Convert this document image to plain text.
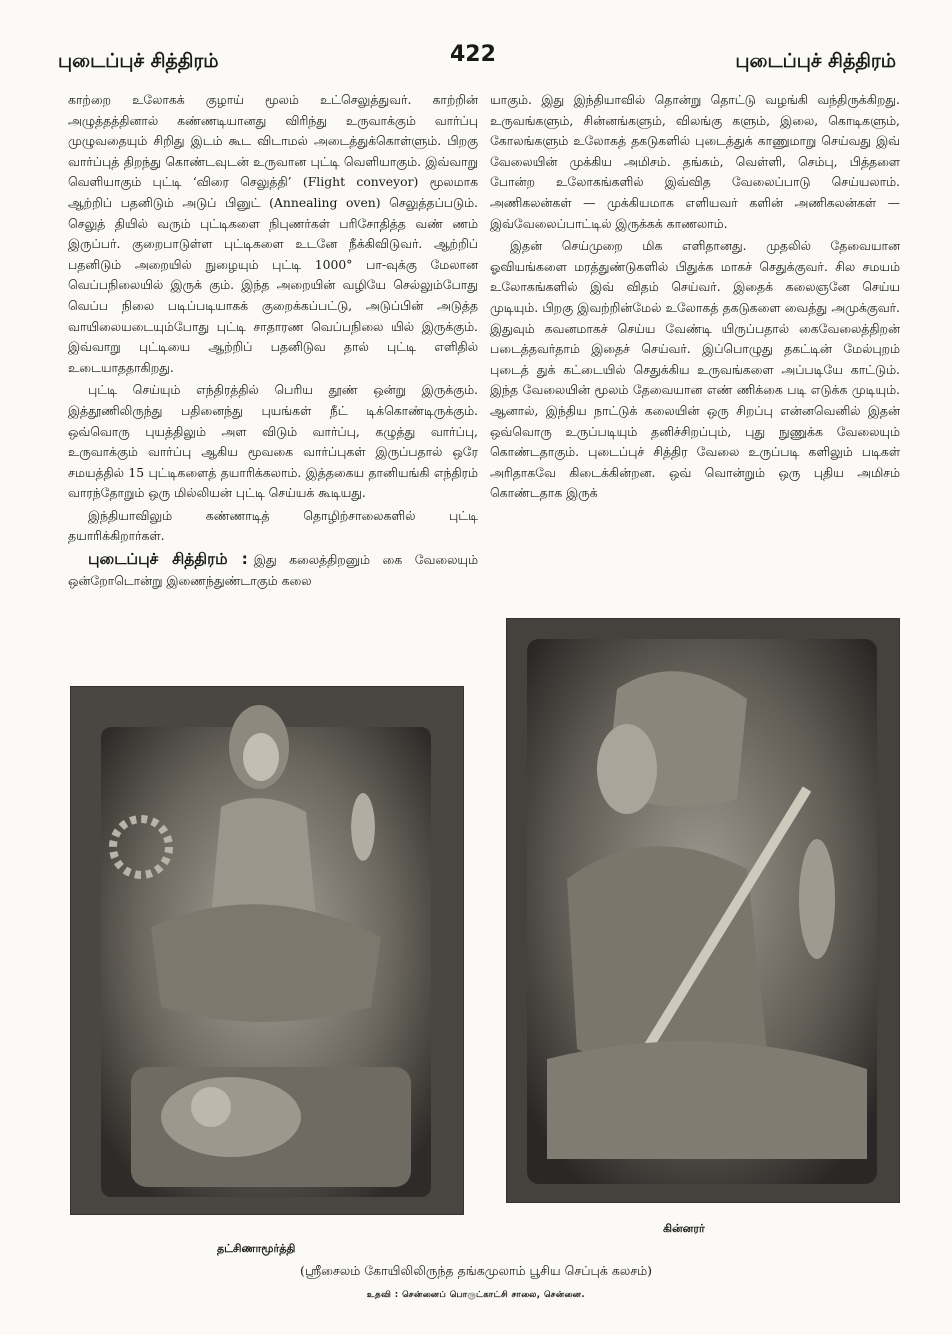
புடைப்புச் சித்திரம்	422	புடைப்புச் சித்திரம்

காற்றை உலோகக் குழாய் மூலம் உட்செலுத்துவர். காற்றின் அழுத்தத்தினால் கண்ணடியானது விரிந்து உருவாக்கும் வார்ப்பு முழுவதையும் சிறிது இடம் கூட விடாமல் அடைத்துக்கொள்ளும். பிறகு வார்ப்புத் திறந்து கொண்டவுடன் உருவான புட்டி வெளியாகும். இவ்வாறு வெளியாகும் புட்டி ‘விரை செலுத்தி’ (Flight conveyor) மூலமாக ஆற்றிப் பதனிடும் அடுப் பினுட் (Annealing oven) செலுத்தப்படும். செலுத் தியில் வரும் புட்டிகளை நிபுணர்கள் பரிசோதித்த வண் ணம் இருப்பர். குறைபாடுள்ள புட்டிகளை உடனே நீக்கிவிடுவர். ஆற்றிப் பதனிடும் அறையில் நுழையும் புட்டி 1000° பா-வுக்கு மேலான வெப்பநிலையில் இருக் கும். இந்த அறையின் வழியே செல்லும்போது வெப்ப நிலை படிப்படியாகக் குறைக்கப்பட்டு, அடுப்பின் அடுத்த வாயிலையடையும்போது புட்டி சாதாரண வெப்பநிலை யில் இருக்கும். இவ்வாறு புட்டியை ஆற்றிப் பதனிடுவ தால் புட்டி எளிதில் உடையாததாகிறது.

புட்டி செய்யும் எந்திரத்தில் பெரிய தூண் ஒன்று இருக்கும். இத்தூணிலிருந்து பதினைந்து புயங்கள் நீட் டிக்கொண்டிருக்கும். ஒவ்வொரு புயத்திலும் அள விடும் வார்ப்பு, கழுத்து வார்ப்பு, உருவாக்கும் வார்ப்பு ஆகிய மூவகை வார்ப்புகள் இருப்பதால் ஒரே சமயத்தில் 15 புட்டிகளைத் தயாரிக்கலாம். இத்தகைய தானியங்கி எந்திரம் வாரந்தோறும் ஒரு மில்லியன் புட்டி செய்யக் கூடியது.

இந்தியாவிலும் கண்ணாடித் தொழிற்சாலைகளில் புட்டி தயாரிக்கிறார்கள்.

புடைப்புச் சித்திரம் : இது கலைத்திறனும் கை வேலையும் ஒன்றோடொன்று இணைந்துண்டாகும் கலை

யாகும். இது இந்தியாவில் தொன்று தொட்டு வழங்கி வந்திருக்கிறது. உருவங்களும், சின்னங்களும், விலங்கு களும், இலை, கொடிகளும், கோலங்களும் உலோகத் தகடுகளில் புடைத்துக் காணுமாறு செய்வது இவ் வேலையின் முக்கிய அமிசம். தங்கம், வெள்ளி, செம்பு, பித்தளை போன்ற உலோகங்களில் இவ்வித வேலைப்பாடு செய்யலாம். அணிகலன்கள் — முக்கியமாக எளியவர் களின் அணிகலன்கள் — இவ்வேலைப்பாட்டில் இருக்கக் காணலாம்.

இதன் செய்முறை மிக எளிதானது. முதலில் தேவையான ஓவியங்களை மரத்துண்டுகளில் பிதுக்க மாகச் செதுக்குவர். சில சமயம் உலோகங்களில் இவ் விதம் செய்வர். இதைக் கலைஞனே செய்ய முடியும். பிறகு இவற்றின்மேல் உலோகத் தகடுகளை வைத்து அமுக்குவர். இதுவும் கவனமாகச் செய்ய வேண்டி யிருப்பதால் கைவேலைத்திறன் படைத்தவர்தாம் இதைச் செய்வர். இப்பொழுது தகட்டின் மேல்புறம் புடைத் துக் கட்டையில் செதுக்கிய உருவங்களை அப்படியே காட்டும். இந்த வேலையின் மூலம் தேவையான எண் ணிக்கை படி எடுக்க முடியும். ஆனால், இந்திய நாட்டுக் கலையின் ஒரு சிறப்பு என்னவெனில் இதன் ஒவ்வொரு உருப்படியும் தனிச்சிறப்பும், புது நுணுக்க வேலையும் கொண்டதாகும். புடைப்புச் சித்திர வேலை உருப்படி களிலும் படிகள் அரிதாகவே கிடைக்கின்றன. ஒவ் வொன்றும் ஒரு புதிய அமிசம் கொண்டதாக இருக்

தட்சிணாமூர்த்தி
கின்னரர்
(ஸ்ரீசைலம் கோயிலிலிருந்த தங்கமுலாம் பூசிய செப்புக் கலசம்)
உதவி : சென்னைப் பொருட்காட்சி சாலை, சென்னை.
